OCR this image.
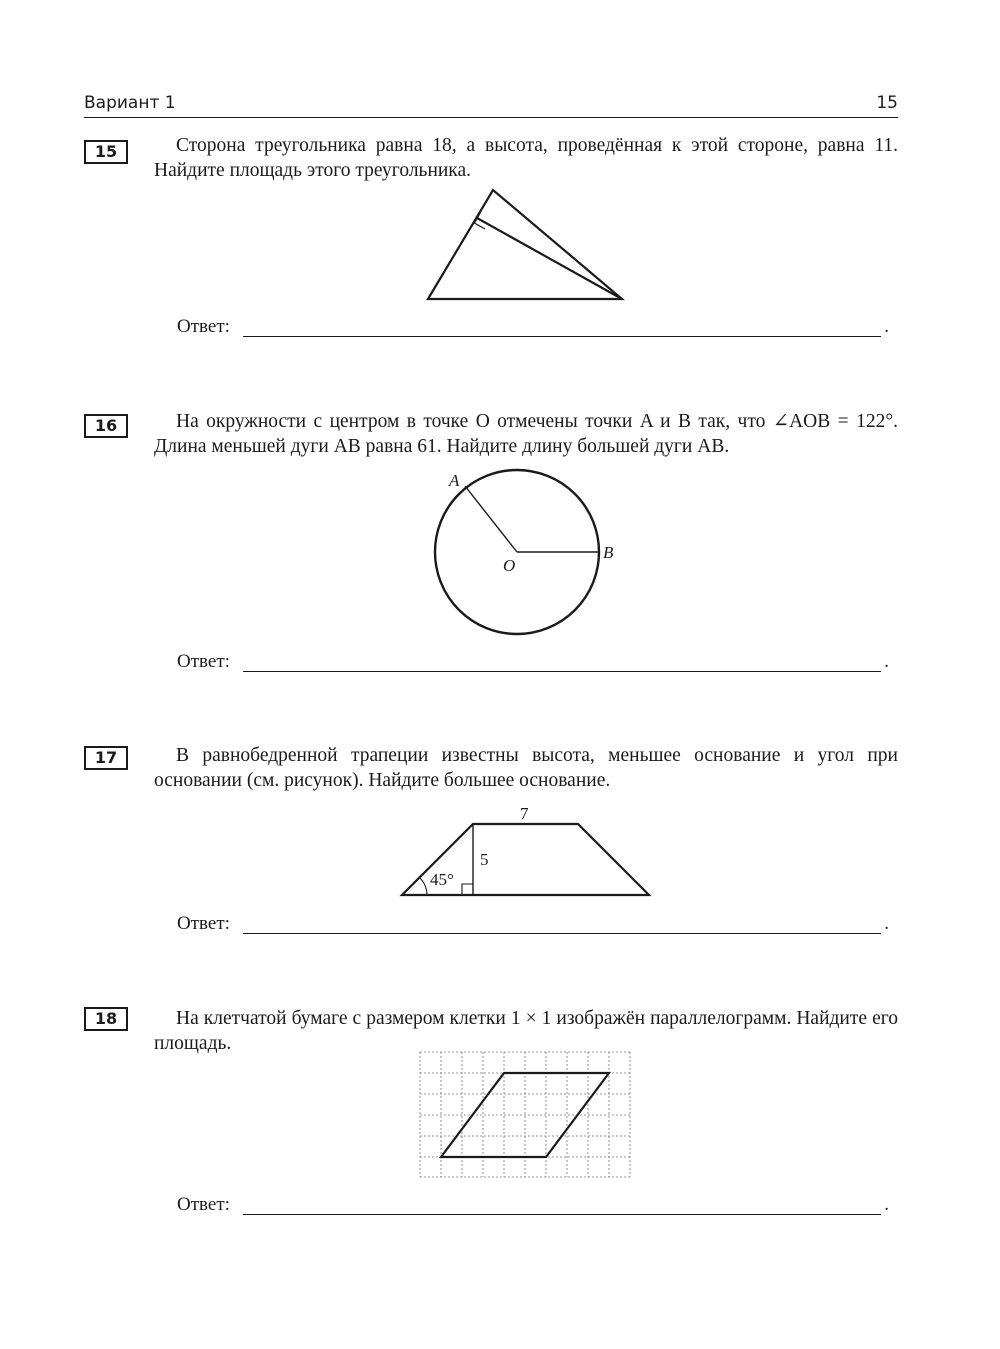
Вариант 1	15
15	Сторона треугольника равна 18, а высота, проведённая к этой стороне, равна 11. Найдите площадь этого треугольника.

Ответ:	.
16	На окружности с центром в точке O отмечены точки A и B так, что ∠AOB = 122°. Длина меньшей дуги AB равна 61. Найдите длину большей дуги AB.

A
B
O
Ответ:	.
17	В равнобедренной трапеции известны высота, меньшее основание и угол при основании (см. рисунок). Найдите большее основание.

7
5
45°
Ответ:	.
18	На клетчатой бумаге с размером клетки 1 × 1 изображён параллелограмм. Найдите его площадь.

Ответ:	.
